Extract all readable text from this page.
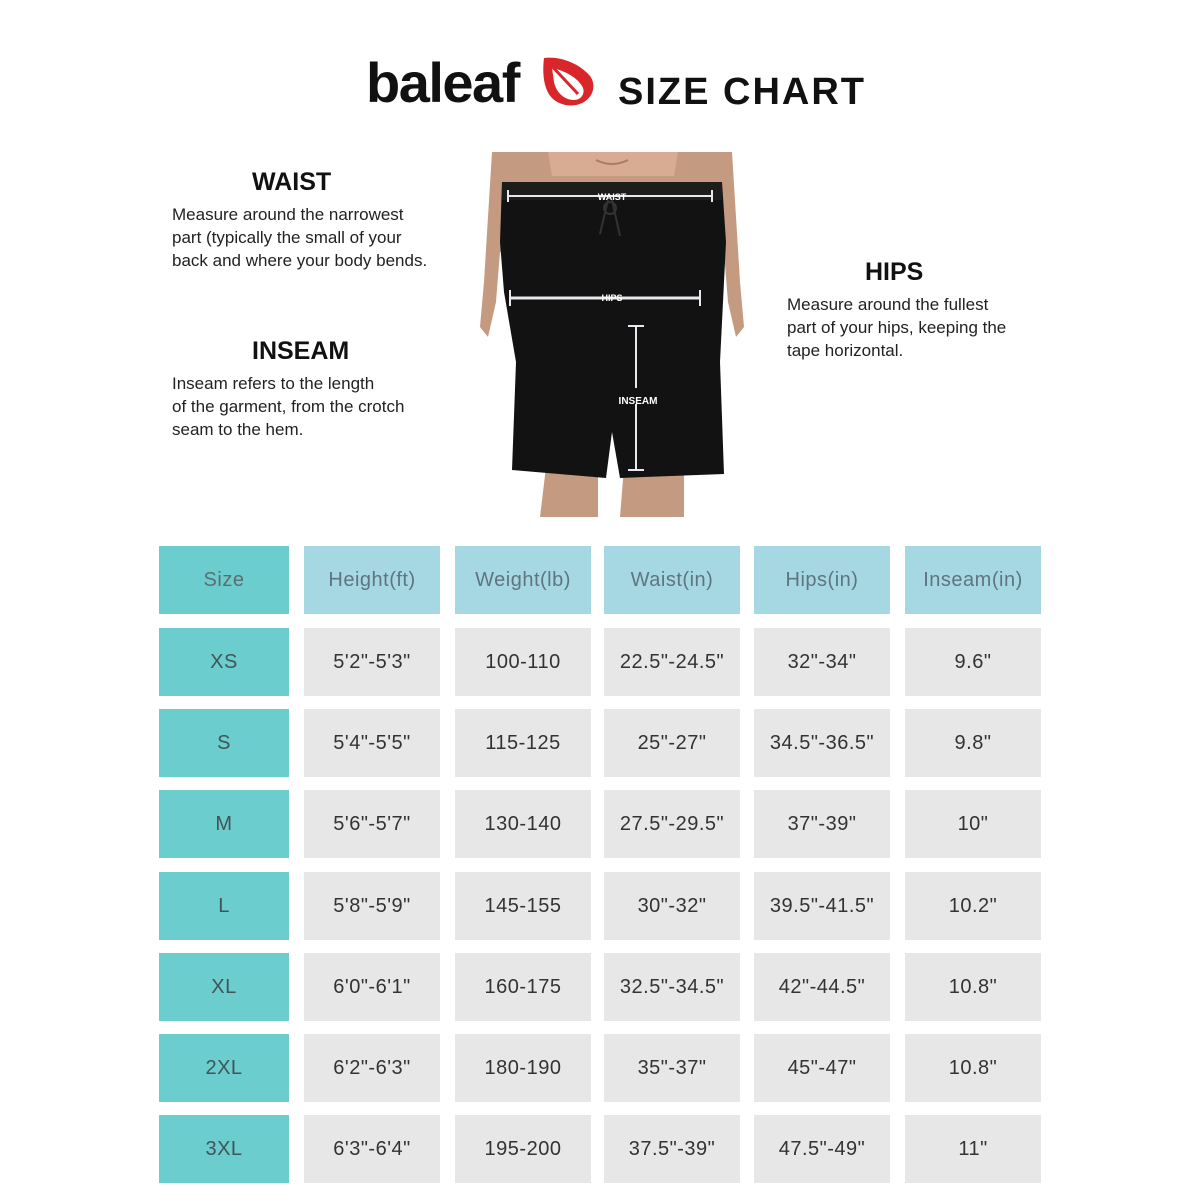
baleaf	SIZE CHART
WAIST

Measure around the narrowest
part (typically the small of your
back and where your body bends.

INSEAM

Inseam refers to the length
of the garment, from the crotch
seam to the hem.

HIPS

Measure around the fullest
part of your hips, keeping the
tape horizontal.

WAIST
HIPS
INSEAM
Size	Height(ft)	Weight(lb)	Waist(in)	Hips(in)	Inseam(in)
XS	5'2"-5'3"	100-110	22.5"-24.5"	32"-34"	9.6"
S	5'4"-5'5"	115-125	25"-27"	34.5"-36.5"	9.8"
M	5'6"-5'7"	130-140	27.5"-29.5"	37"-39"	10"
L	5'8"-5'9"	145-155	30"-32"	39.5"-41.5"	10.2"
XL	6'0"-6'1"	160-175	32.5"-34.5"	42"-44.5"	10.8"
2XL	6'2"-6'3"	180-190	35"-37"	45"-47"	10.8"
3XL	6'3"-6'4"	195-200	37.5"-39"	47.5"-49"	11"
